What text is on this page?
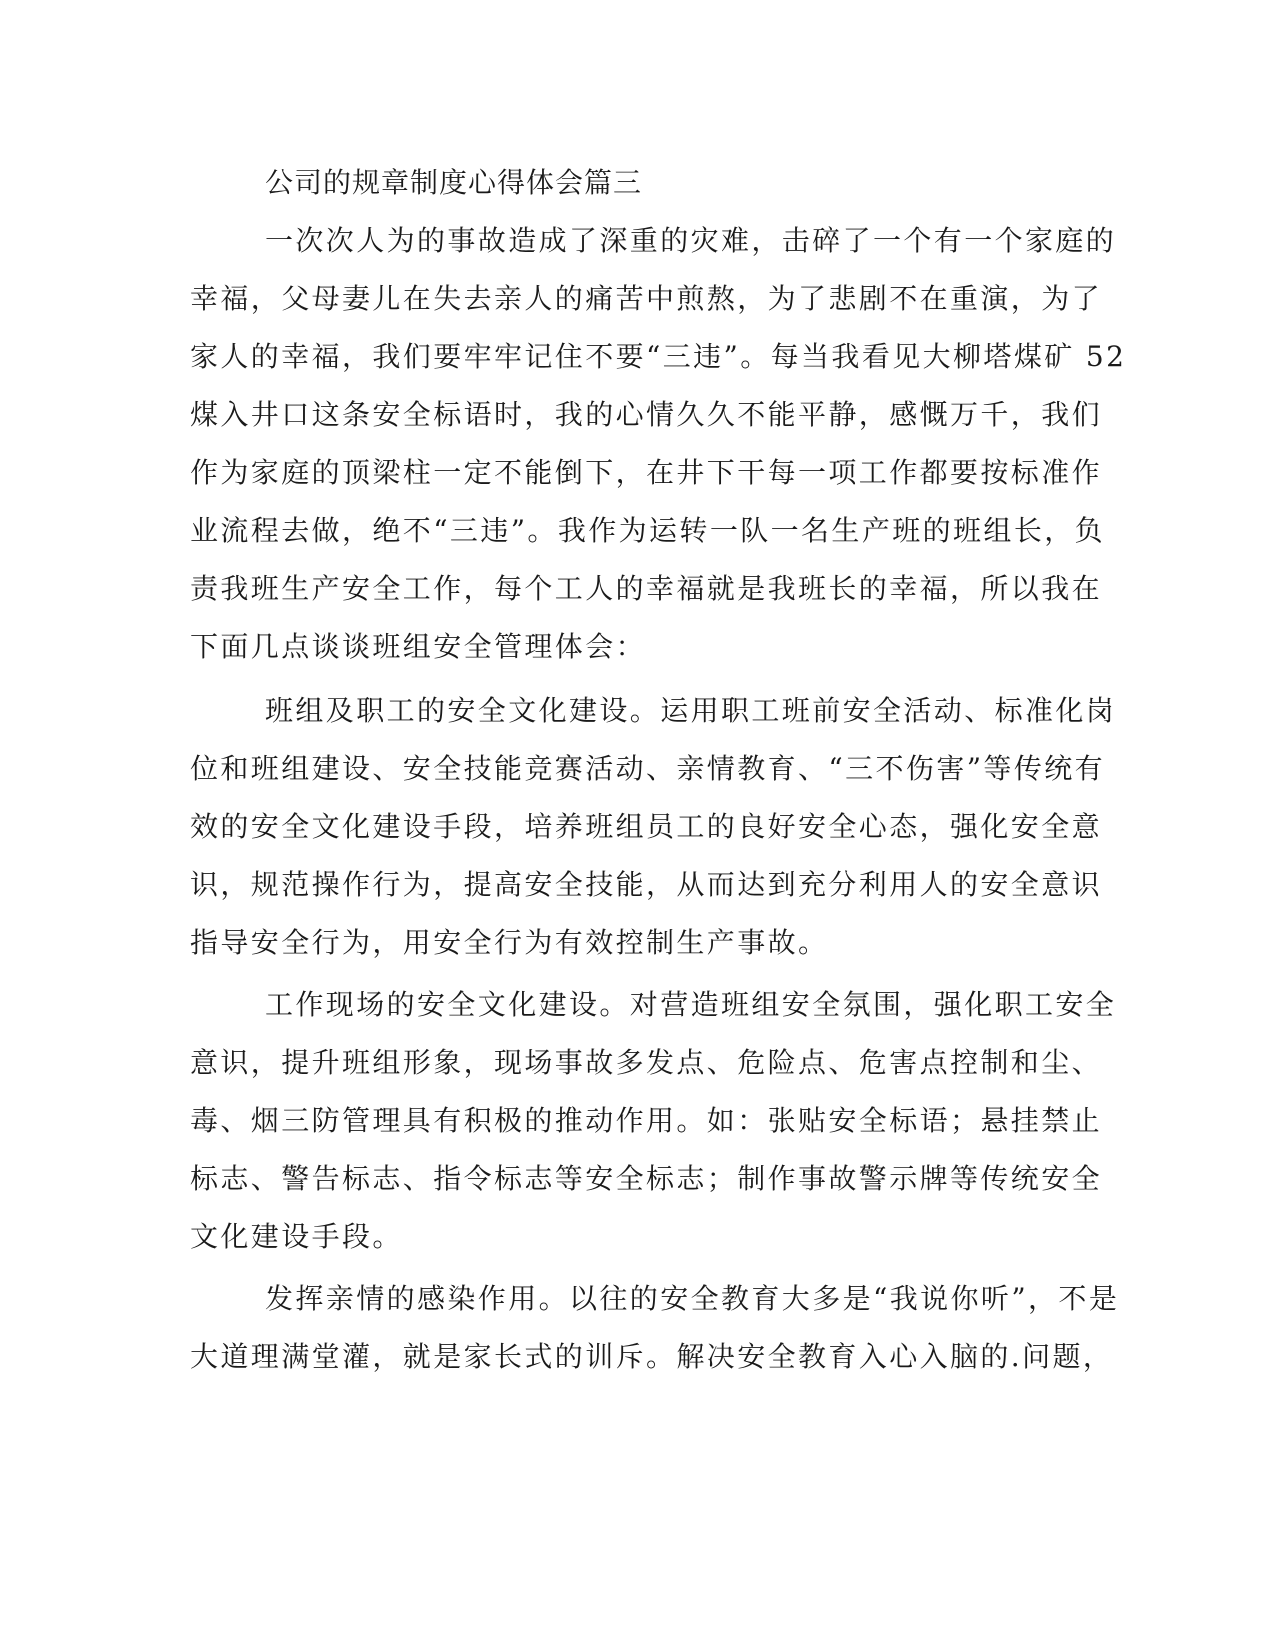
公司的规章制度心得体会篇三
一次次人为的事故造成了深重的灾难，击碎了一个有一个家庭的
幸福，父母妻儿在失去亲人的痛苦中煎熬，为了悲剧不在重演，为了
家人的幸福，我们要牢牢记住不要“三违”。每当我看见大柳塔煤矿 52
煤入井口这条安全标语时，我的心情久久不能平静，感慨万千，我们
作为家庭的顶梁柱一定不能倒下，在井下干每一项工作都要按标准作
业流程去做，绝不“三违”。我作为运转一队一名生产班的班组长，负
责我班生产安全工作，每个工人的幸福就是我班长的幸福，所以我在
下面几点谈谈班组安全管理体会：
班组及职工的安全文化建设。运用职工班前安全活动、标准化岗
位和班组建设、安全技能竞赛活动、亲情教育、“三不伤害”等传统有
效的安全文化建设手段，培养班组员工的良好安全心态，强化安全意
识，规范操作行为，提高安全技能，从而达到充分利用人的安全意识
指导安全行为，用安全行为有效控制生产事故。
工作现场的安全文化建设。对营造班组安全氛围，强化职工安全
意识，提升班组形象，现场事故多发点、危险点、危害点控制和尘、
毒、烟三防管理具有积极的推动作用。如：张贴安全标语；悬挂禁止
标志、警告标志、指令标志等安全标志；制作事故警示牌等传统安全
文化建设手段。
发挥亲情的感染作用。以往的安全教育大多是“我说你听”，不是
大道理满堂灌，就是家长式的训斥。解决安全教育入心入脑的.问题，
